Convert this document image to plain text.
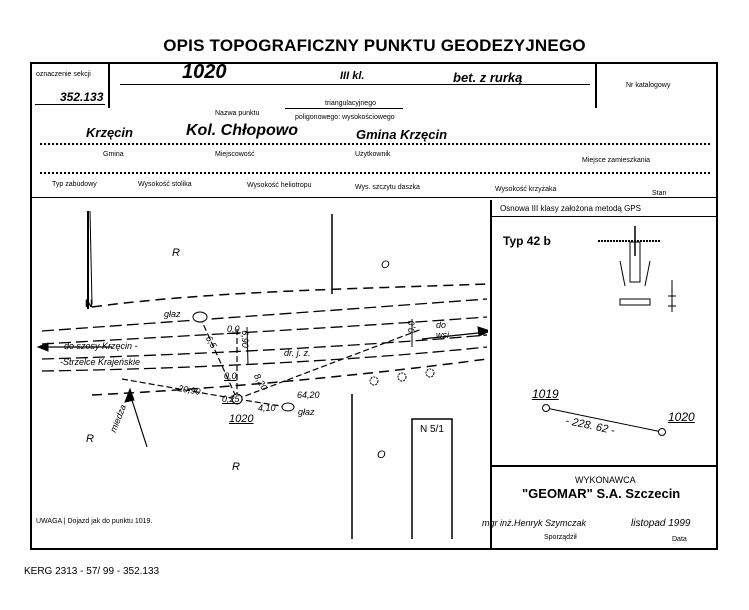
OPIS TOPOGRAFICZNY PUNKTU GEODEZYJNEGO
oznaczenie sekcji
352.133
1020	III kl.	bet. z rurką
Nr katalogowy
Nazwa punktu
triangulacyjnego
poligonowego: wysokościowego
Krzęcin	Kol. Chłopowo	Gmina Krzęcin
Gmina	Miejscowość	Użytkownik
Miejsce zamieszkania
Typ zabudowy	Wysokość stolika	Wysokość heliotropu	Wys. szczytu daszka	Wysokość krzyżaka
Stan
Osnowa III klasy założona metodą GPS
Typ 42 b
1019
1020
- 228. 62 -
WYKONAWCA
"GEOMAR" S.A. Szczecin
mgr inż.Henryk Szymczak	listopad 1999
Sporządził	Data
R
O
R
R
O
N
głaz
głaz
do szosy Krzęcin -
-Strzelce Krajeńskie
do
wsi
dr. j. z.
miedza	N 5/1
1020
0,0
0,0
0,0
6,90
6,5
8,20
20,90
0,25	64,20
4,10
UWAGA | Dojazd jak do punktu 1019.
KERG 2313 - 57/ 99 - 352.133
